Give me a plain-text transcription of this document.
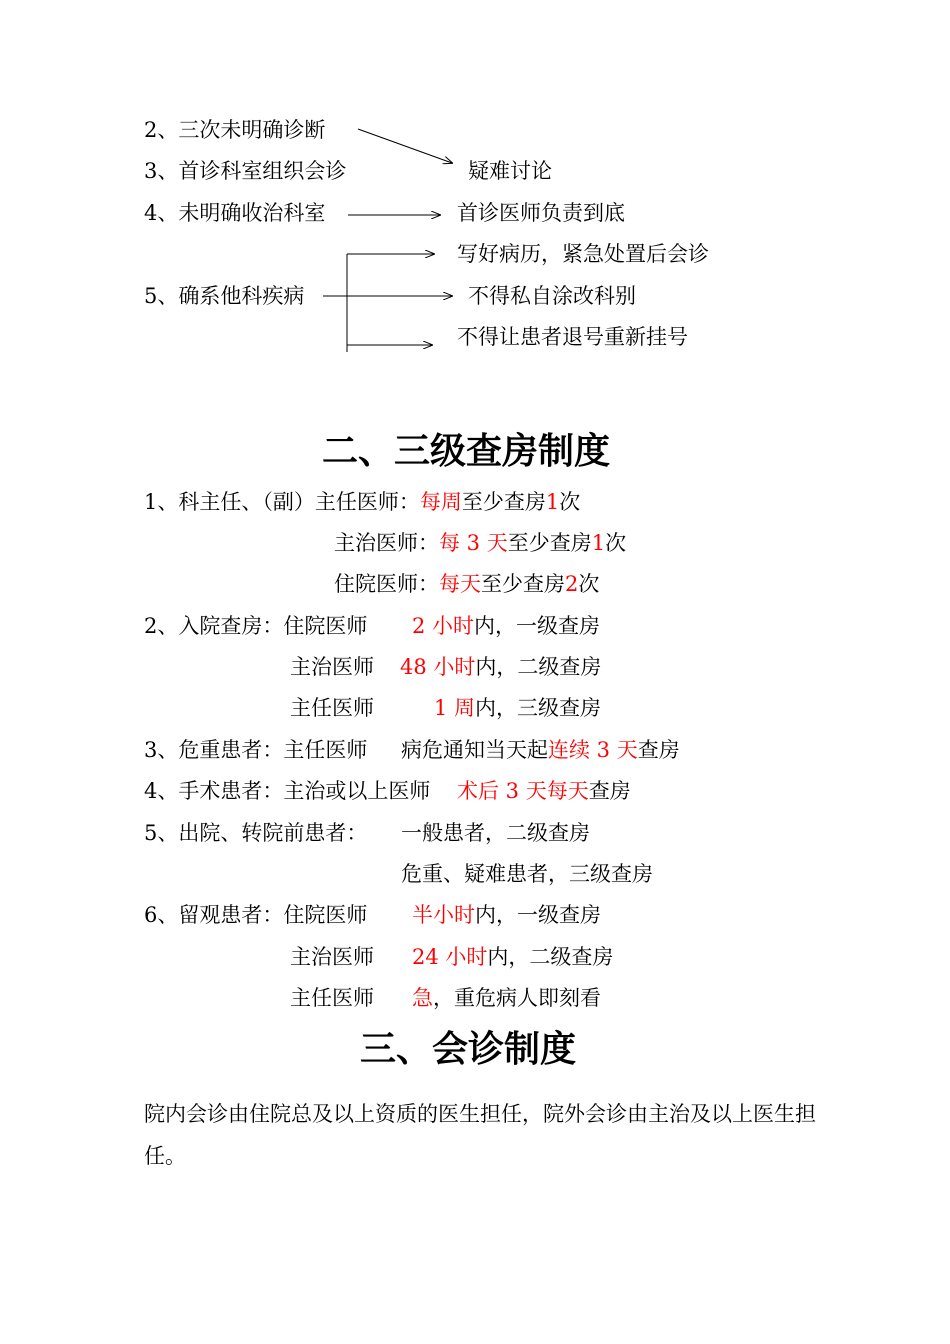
2、三次未明确诊断
3、首诊科室组织会诊	疑难讨论
4、未明确收治科室	首诊医师负责到底
写好病历，紧急处置后会诊
5、确系他科疾病	不得私自涂改科别
不得让患者退号重新挂号
二、三级查房制度
1、科主任、（副）主任医师：每周至少查房1次
主治医师：每 3 天至少查房1次
住院医师：每天至少查房2次
2、入院查房：住院医师 2 小时内，一级查房
主治医师 48 小时内，二级查房
主任医师	1 周内，三级查房
3、危重患者：主任医师 病危通知当天起连续 3 天查房
4、手术患者：主治或以上医师 术后 3 天每天查房
5、出院、转院前患者： 一般患者，二级查房
危重、疑难患者，三级查房
6、留观患者：住院医师 半小时内，一级查房
主治医师 24 小时内，二级查房
主任医师 急，重危病人即刻看
三、会诊制度
院内会诊由住院总及以上资质的医生担任，院外会诊由主治及以上医生担任。
